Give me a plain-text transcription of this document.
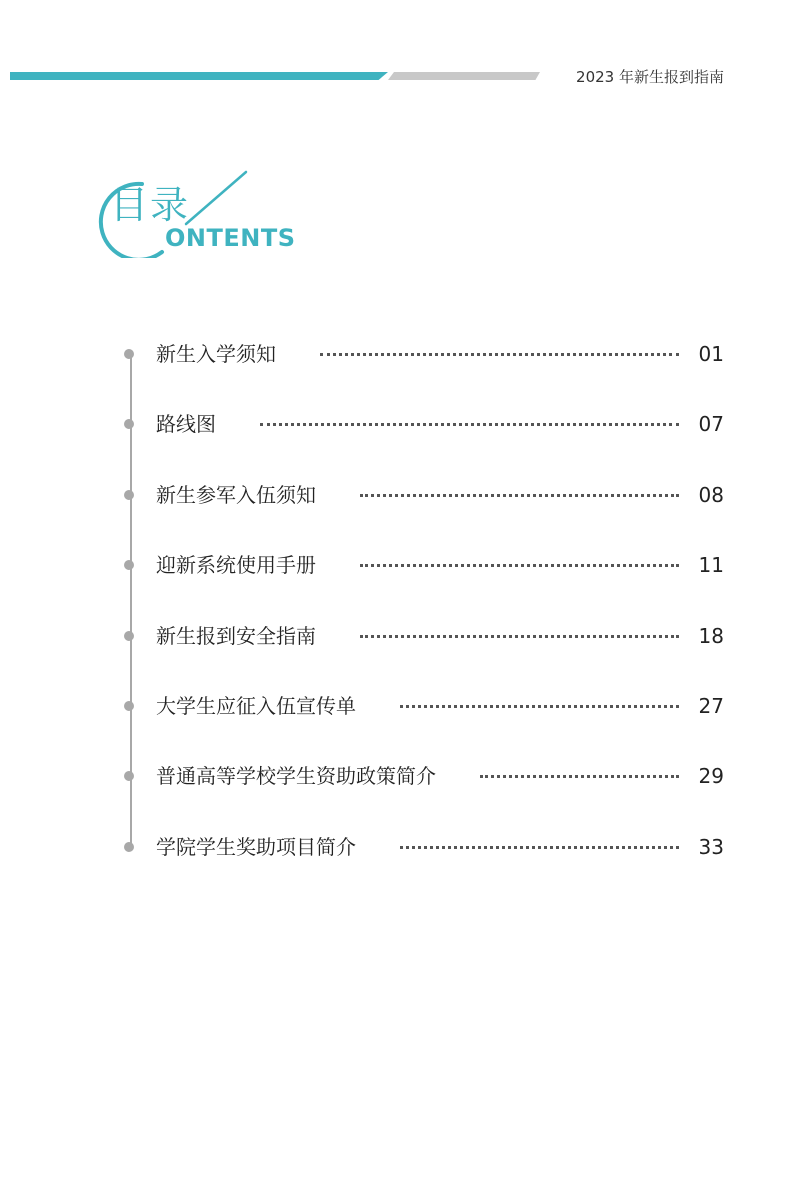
2023 年新生报到指南
目录
ONTENTS
新生入学须知	01
路线图	07
新生参军入伍须知	08
迎新系统使用手册	11
新生报到安全指南	18
大学生应征入伍宣传单	27
普通高等学校学生资助政策简介	29
学院学生奖助项目简介	33
